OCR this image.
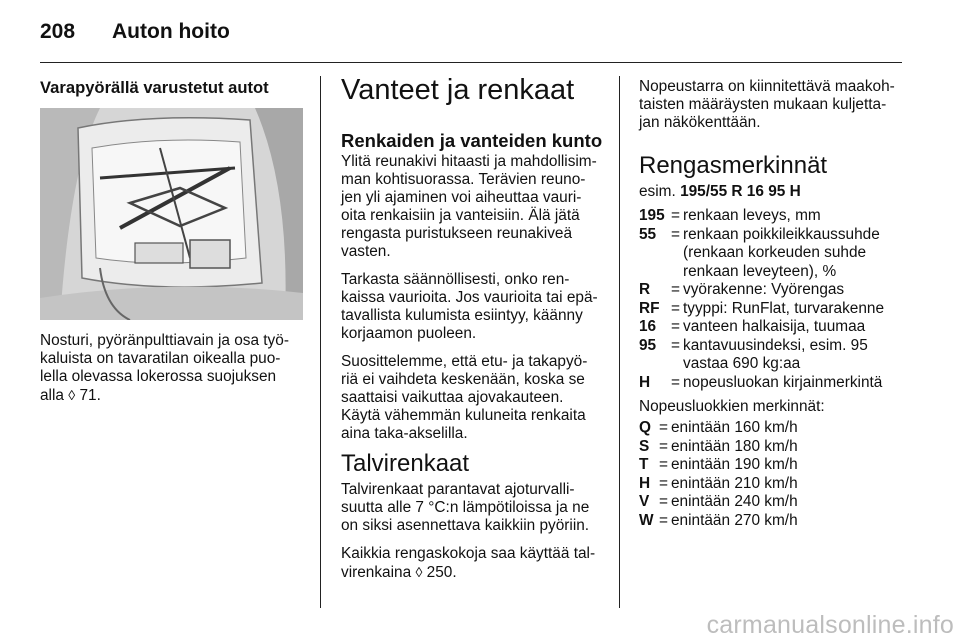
208 Auton hoito
Varapyörällä varustetut autot

Nosturi, pyöränpulttiavain ja osa työ-
kaluista on tavaratilan oikealla puo-
lella olevassa lokerossa suojuksen
alla ◊ 71.

Vanteet ja renkaat
Renkaiden ja vanteiden kunto

Ylitä reunakivi hitaasti ja mahdollisim-
man kohtisuorassa. Terävien reuno-
jen yli ajaminen voi aiheuttaa vauri-
oita renkaisiin ja vanteisiin. Älä jätä
rengasta puristukseen reunakiveä
vasten.

Tarkasta säännöllisesti, onko ren-
kaissa vaurioita. Jos vaurioita tai epä-
tavallista kulumista esiintyy, käänny
korjaamon puoleen.

Suosittelemme, että etu- ja takapyö-
riä ei vaihdeta keskenään, koska se
saattaisi vaikuttaa ajovakauteen.
Käytä vähemmän kuluneita renkaita
aina taka-akselilla.

Talvirenkaat

Talvirenkaat parantavat ajoturvalli-
suutta alle 7 °C:n lämpötiloissa ja ne
on siksi asennettava kaikkiin pyöriin.

Kaikkia rengaskokoja saa käyttää tal-
virenkaina ◊ 250.

Nopeustarra on kiinnitettävä maakoh-
taisten määräysten mukaan kuljetta-
jan näkökenttään.

Rengasmerkinnät

esim. 195/55 R 16 95 H

195 = renkaan leveys, mm
55 = renkaan poikkileikkaussuhde
(renkaan korkeuden suhde
renkaan leveyteen), %
R	= vyörakenne: Vyörengas
RF = tyyppi: RunFlat, turvarakenne
16 = vanteen halkaisija, tuumaa
95 = kantavuusindeksi, esim. 95
vastaa 690 kg:aa
H	= nopeusluokan kirjainmerkintä

Nopeusluokkien merkinnät:

Q = enintään 160 km/h
S = enintään 180 km/h
T = enintään 190 km/h
H = enintään 210 km/h
V = enintään 240 km/h
W = enintään 270 km/h
carmanualsonline.info
